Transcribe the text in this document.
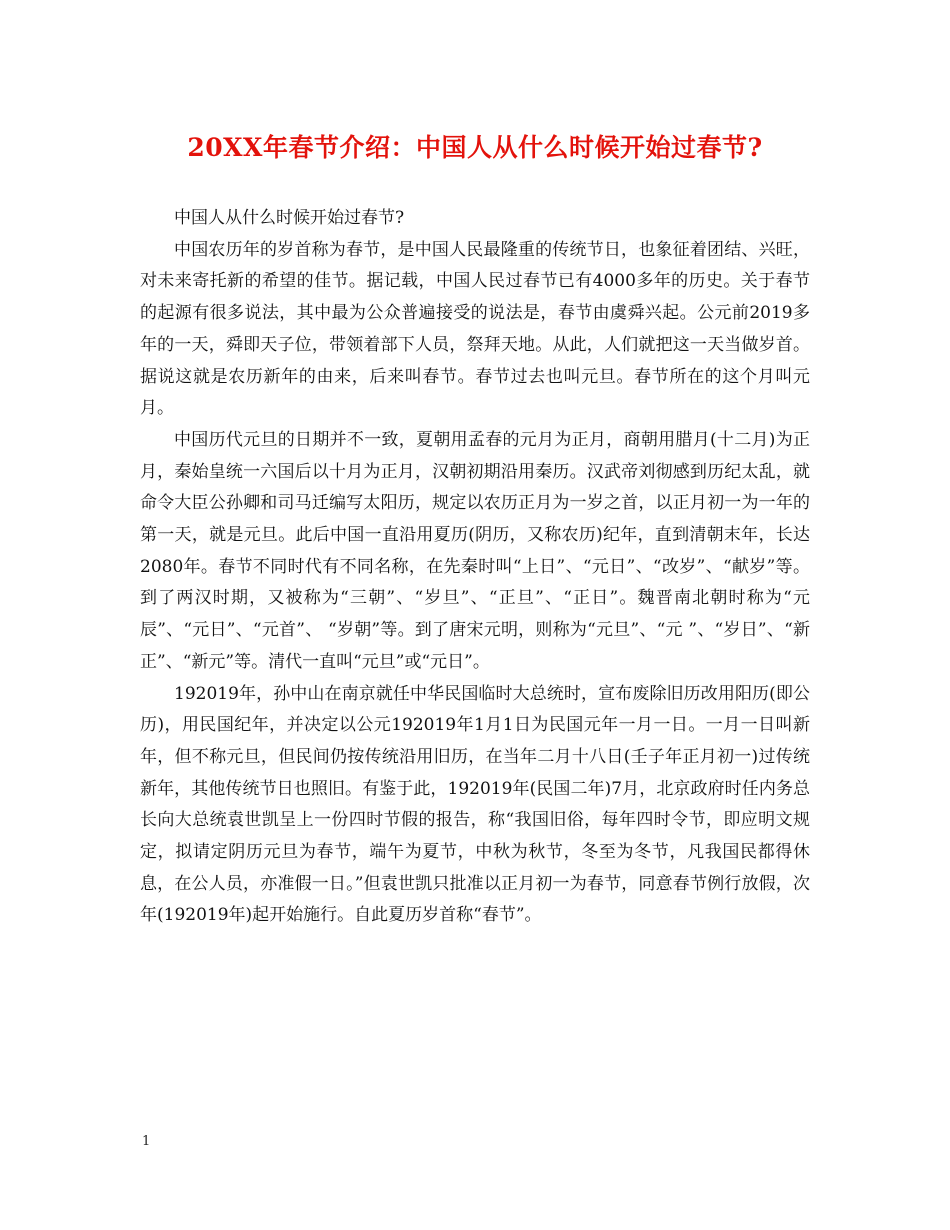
20XX年春节介绍：中国人从什么时候开始过春节?

中国人从什么时候开始过春节?

中国农历年的岁首称为春节，是中国人民最隆重的传统节日，也象征着团结、兴旺，对未来寄托新的希望的佳节。据记载，中国人民过春节已有4000多年的历史。关于春节的起源有很多说法，其中最为公众普遍接受的说法是，春节由虞舜兴起。公元前2019多年的一天，舜即天子位，带领着部下人员，祭拜天地。从此，人们就把这一天当做岁首。据说这就是农历新年的由来，后来叫春节。春节过去也叫元旦。春节所在的这个月叫元月。

中国历代元旦的日期并不一致，夏朝用孟春的元月为正月，商朝用腊月(十二月)为正月，秦始皇统一六国后以十月为正月，汉朝初期沿用秦历。汉武帝刘彻感到历纪太乱，就命令大臣公孙卿和司马迁编写太阳历，规定以农历正月为一岁之首，以正月初一为一年的第一天，就是元旦。此后中国一直沿用夏历(阴历，又称农历)纪年，直到清朝末年，长达2080年。春节不同时代有不同名称，在先秦时叫“上日”、“元日”、“改岁”、“献岁”等。到了两汉时期，又被称为“三朝”、“岁旦”、“正旦”、“正日”。魏晋南北朝时称为“元辰”、“元日”、“元首”、 “岁朝”等。到了唐宋元明，则称为“元旦”、“元 ”、“岁日”、“新正”、“新元”等。清代一直叫“元旦”或“元日”。

192019年，孙中山在南京就任中华民国临时大总统时，宣布废除旧历改用阳历(即公历)，用民国纪年，并决定以公元192019年1月1日为民国元年一月一日。一月一日叫新年，但不称元旦，但民间仍按传统沿用旧历，在当年二月十八日(壬子年正月初一)过传统新年，其他传统节日也照旧。有鉴于此，192019年(民国二年)7月，北京政府时任内务总长向大总统袁世凯呈上一份四时节假的报告，称“我国旧俗，每年四时令节，即应明文规定，拟请定阴历元旦为春节，端午为夏节，中秋为秋节，冬至为冬节，凡我国民都得休息，在公人员，亦准假一日。”但袁世凯只批准以正月初一为春节，同意春节例行放假，次年(192019年)起开始施行。自此夏历岁首称“春节”。

1
